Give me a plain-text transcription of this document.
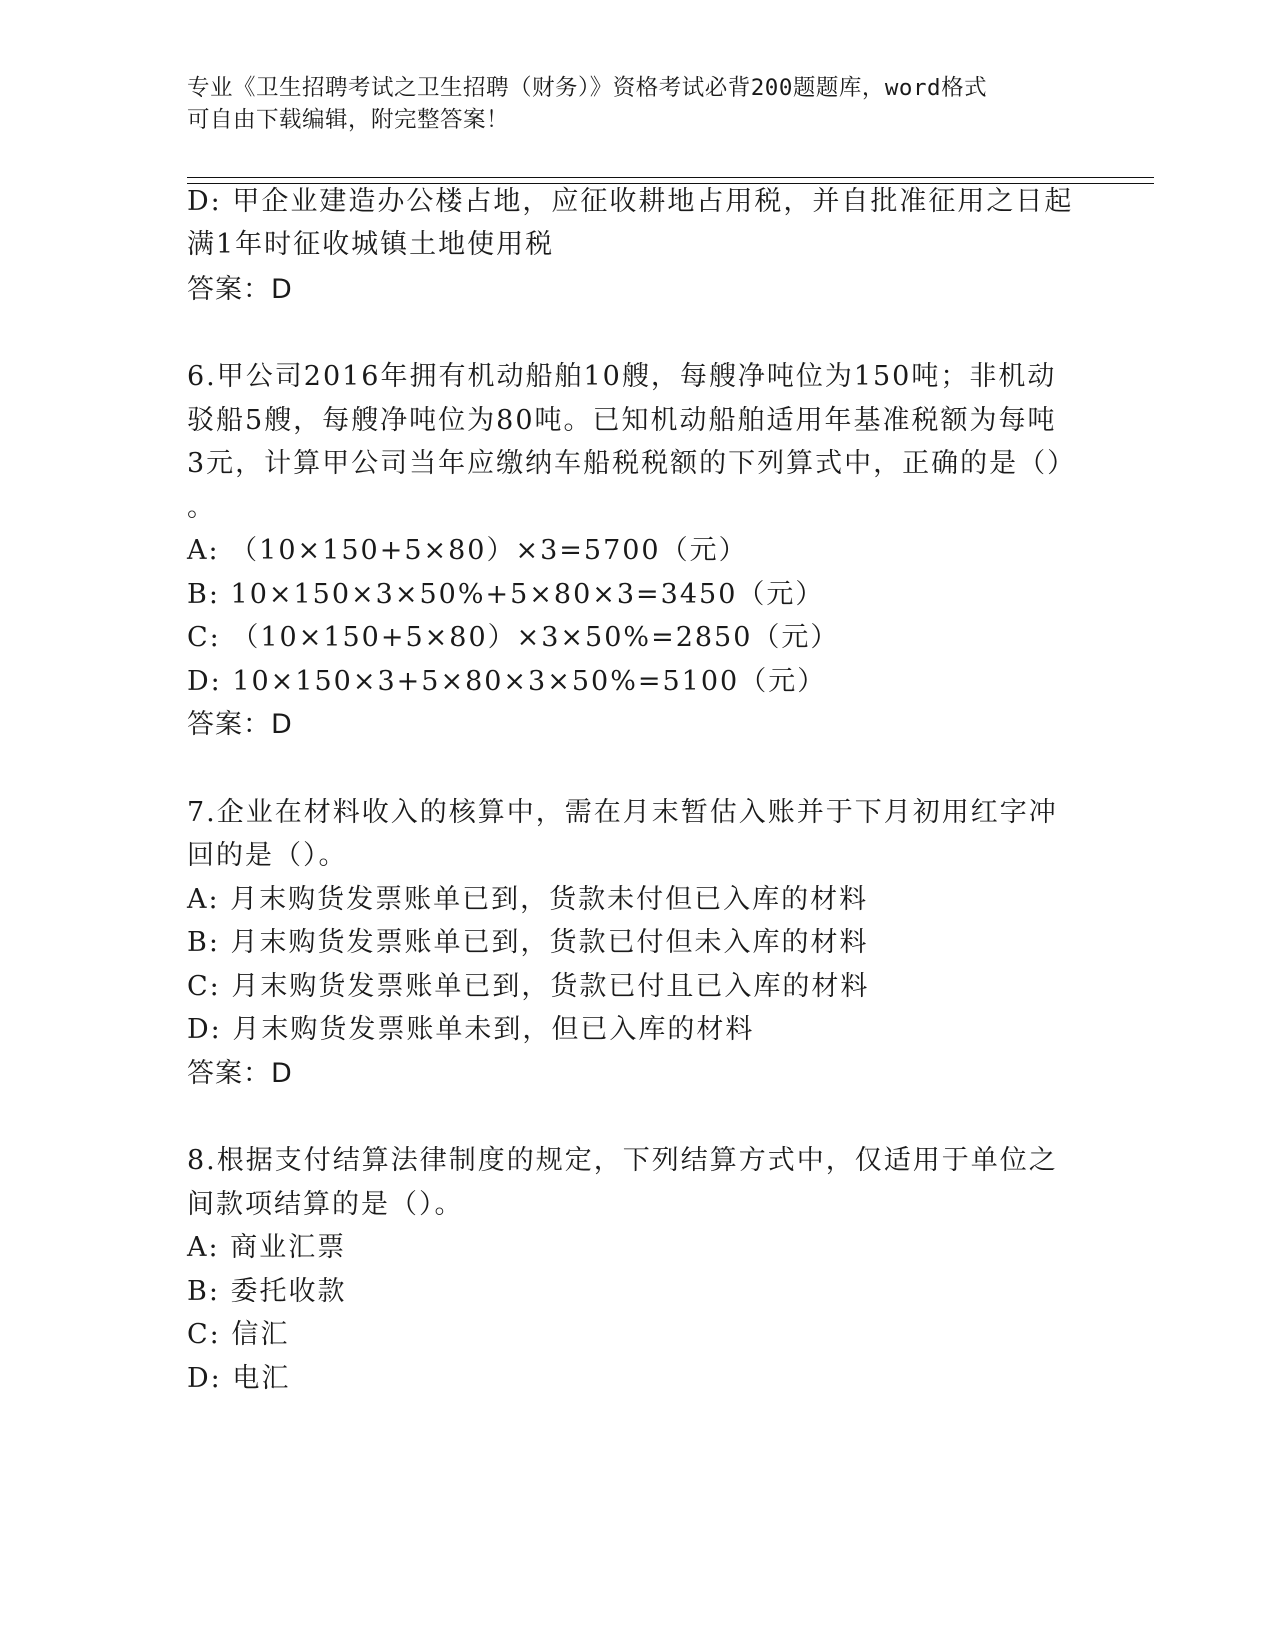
专业《卫生招聘考试之卫生招聘（财务）》资格考试必背200题题库，word格式

可自由下载编辑，附完整答案！

D: 甲企业建造办公楼占地，应征收耕地占用税，并自批准征用之日起
满1年时征收城镇土地使用税
答案：D
6.甲公司2016年拥有机动船舶10艘，每艘净吨位为150吨；非机动
驳船5艘，每艘净吨位为80吨。已知机动船舶适用年基准税额为每吨
3元，计算甲公司当年应缴纳车船税税额的下列算式中，正确的是（）
。
A: （10×150+5×80）×3=5700（元）
B: 10×150×3×50%+5×80×3=3450（元）
C: （10×150+5×80）×3×50%=2850（元）
D: 10×150×3+5×80×3×50%=5100（元）
答案：D
7.企业在材料收入的核算中，需在月末暂估入账并于下月初用红字冲
回的是（）。
A: 月末购货发票账单已到，货款未付但已入库的材料
B: 月末购货发票账单已到，货款已付但未入库的材料
C: 月末购货发票账单已到，货款已付且已入库的材料
D: 月末购货发票账单未到，但已入库的材料
答案：D
8.根据支付结算法律制度的规定，下列结算方式中，仅适用于单位之
间款项结算的是（）。
A: 商业汇票
B: 委托收款
C: 信汇
D: 电汇
